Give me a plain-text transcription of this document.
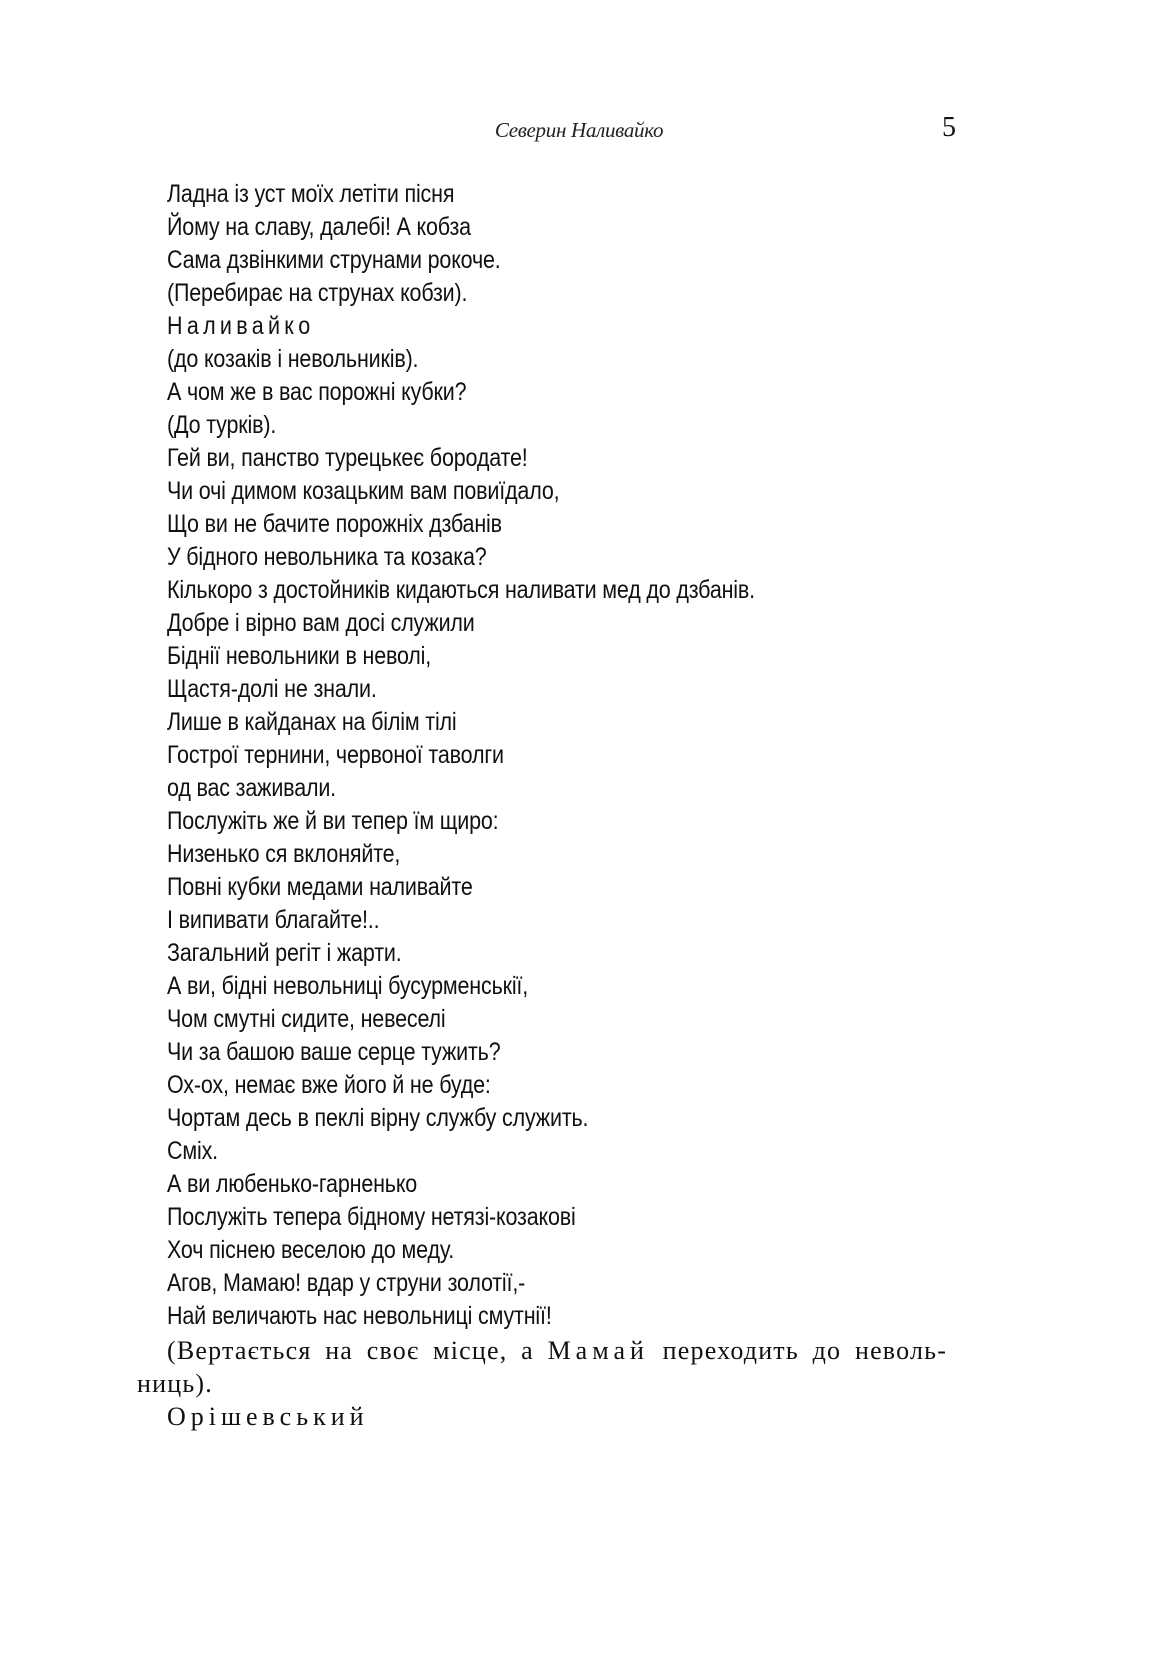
Северин Наливайко	5
Ладна із уст моїх летіти пісня
Йому на славу, далебі! А кобза
Сама дзвінкими струнами рокоче.
(Перебирає на струнах кобзи).
Наливайко
(до козаків і невольників).
А чом же в вас порожні кубки?
(До турків).
Гей ви, панство турецькеє бородате!
Чи очі димом козацьким вам повиїдало,
Що ви не бачите порожніх дзбанів
У бідного невольника та козака?
Кількоро з достойників кидаються наливати мед до дзбанів.
Добре і вірно вам досі служили
Біднії невольники в неволі,
Щастя-долі не знали.
Лише в кайданах на білім тілі
Гострої тернини, червоної таволги
од вас заживали.
Послужіть же й ви тепер їм щиро:
Низенько ся вклоняйте,
Повні кубки медами наливайте
І випивати благайте!..
Загальний регіт і жарти.
А ви, бідні невольниці бусурменськії,
Чом смутні сидите, невеселі
Чи за башою ваше серце тужить?
Ох-ох, немає вже його й не буде:
Чортам десь в пеклі вірну службу служить.
Сміх.
А ви любенько-гарненько
Послужіть тепера бідному нетязі-козакові
Хоч піснею веселою до меду.
Агов, Мамаю! вдар у струни золотії,-
Най величають нас невольниці смутнії!
(Вертається на своє місце, а Мамай переходить до неволь-
ниць).
Орішевський
